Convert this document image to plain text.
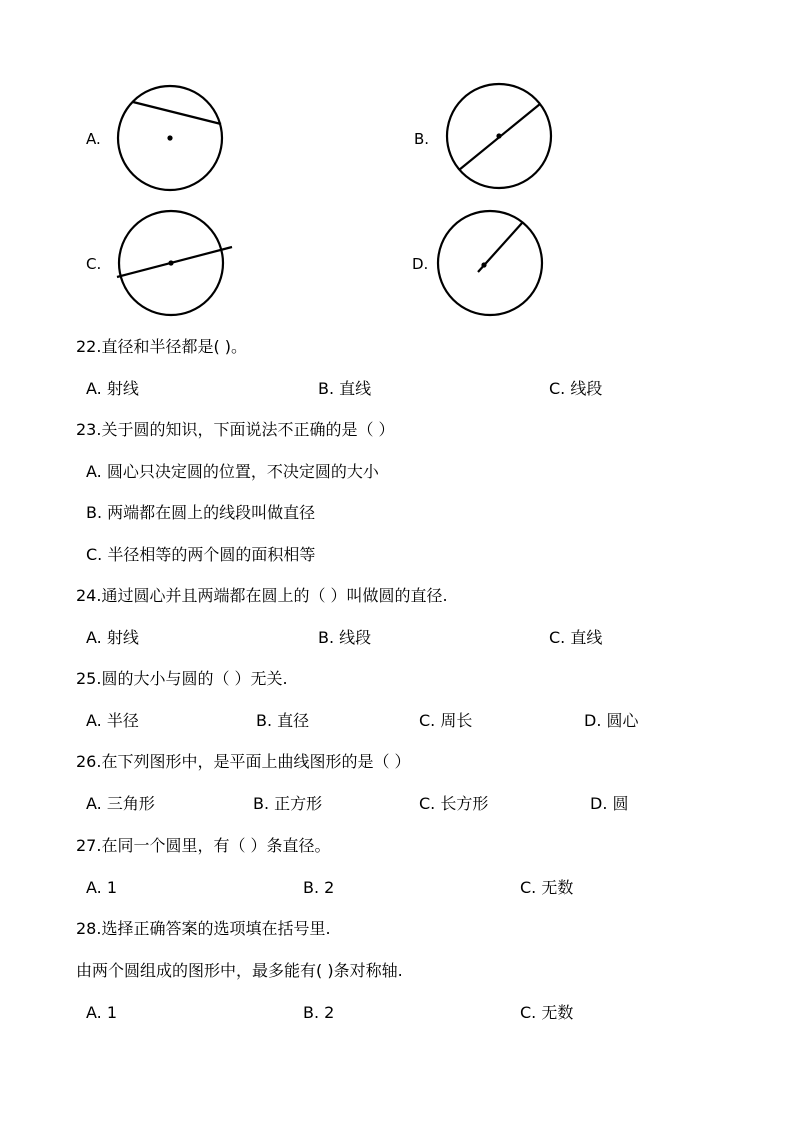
A.	B.
C.	D.
22.直径和半径都是( )。
A. 射线	B. 直线	C. 线段
23.关于圆的知识，下面说法不正确的是（ ）
A. 圆心只决定圆的位置，不决定圆的大小
B. 两端都在圆上的线段叫做直径
C. 半径相等的两个圆的面积相等
24.通过圆心并且两端都在圆上的（ ）叫做圆的直径.
A. 射线	B. 线段	C. 直线
25.圆的大小与圆的（ ）无关.
A. 半径	B. 直径	C. 周长	D. 圆心
26.在下列图形中，是平面上曲线图形的是（ ）
A. 三角形	B. 正方形	C. 长方形	D. 圆
27.在同一个圆里，有（ ）条直径。
A. 1	B. 2	C. 无数
28.选择正确答案的选项填在括号里.
由两个圆组成的图形中，最多能有( )条对称轴.
A. 1	B. 2	C. 无数
